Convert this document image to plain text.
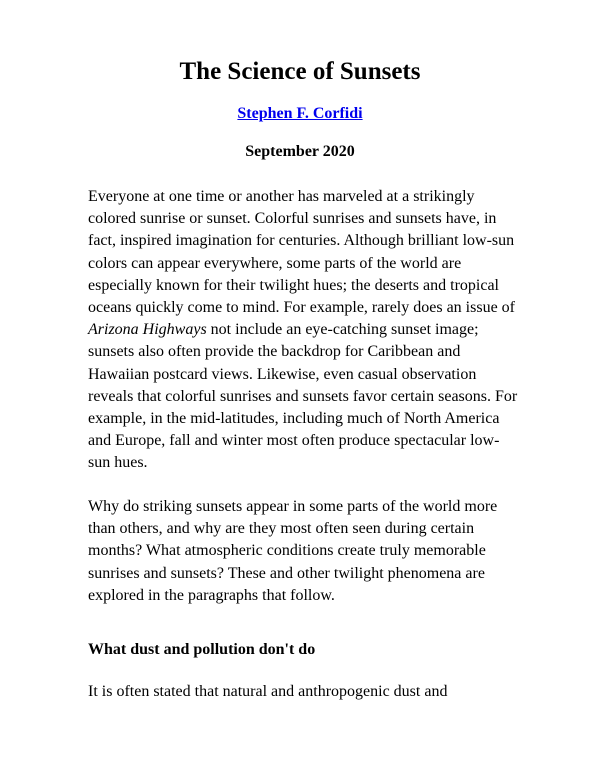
The Science of Sunsets
Stephen F. Corfidi
September 2020

Everyone at one time or another has marveled at a strikingly colored sunrise or sunset. Colorful sunrises and sunsets have, in fact, inspired imagination for centuries. Although brilliant low-sun colors can appear everywhere, some parts of the world are especially known for their twilight hues; the deserts and tropical oceans quickly come to mind. For example, rarely does an issue of Arizona Highways not include an eye-catching sunset image; sunsets also often provide the backdrop for Caribbean and Hawaiian postcard views. Likewise, even casual observation reveals that colorful sunrises and sunsets favor certain seasons. For example, in the mid-latitudes, including much of North America and Europe, fall and winter most often produce spectacular low-sun hues.

Why do striking sunsets appear in some parts of the world more than others, and why are they most often seen during certain months? What atmospheric conditions create truly memorable sunrises and sunsets? These and other twilight phenomena are explored in the paragraphs that follow.

What dust and pollution don't do

It is often stated that natural and anthropogenic dust and
